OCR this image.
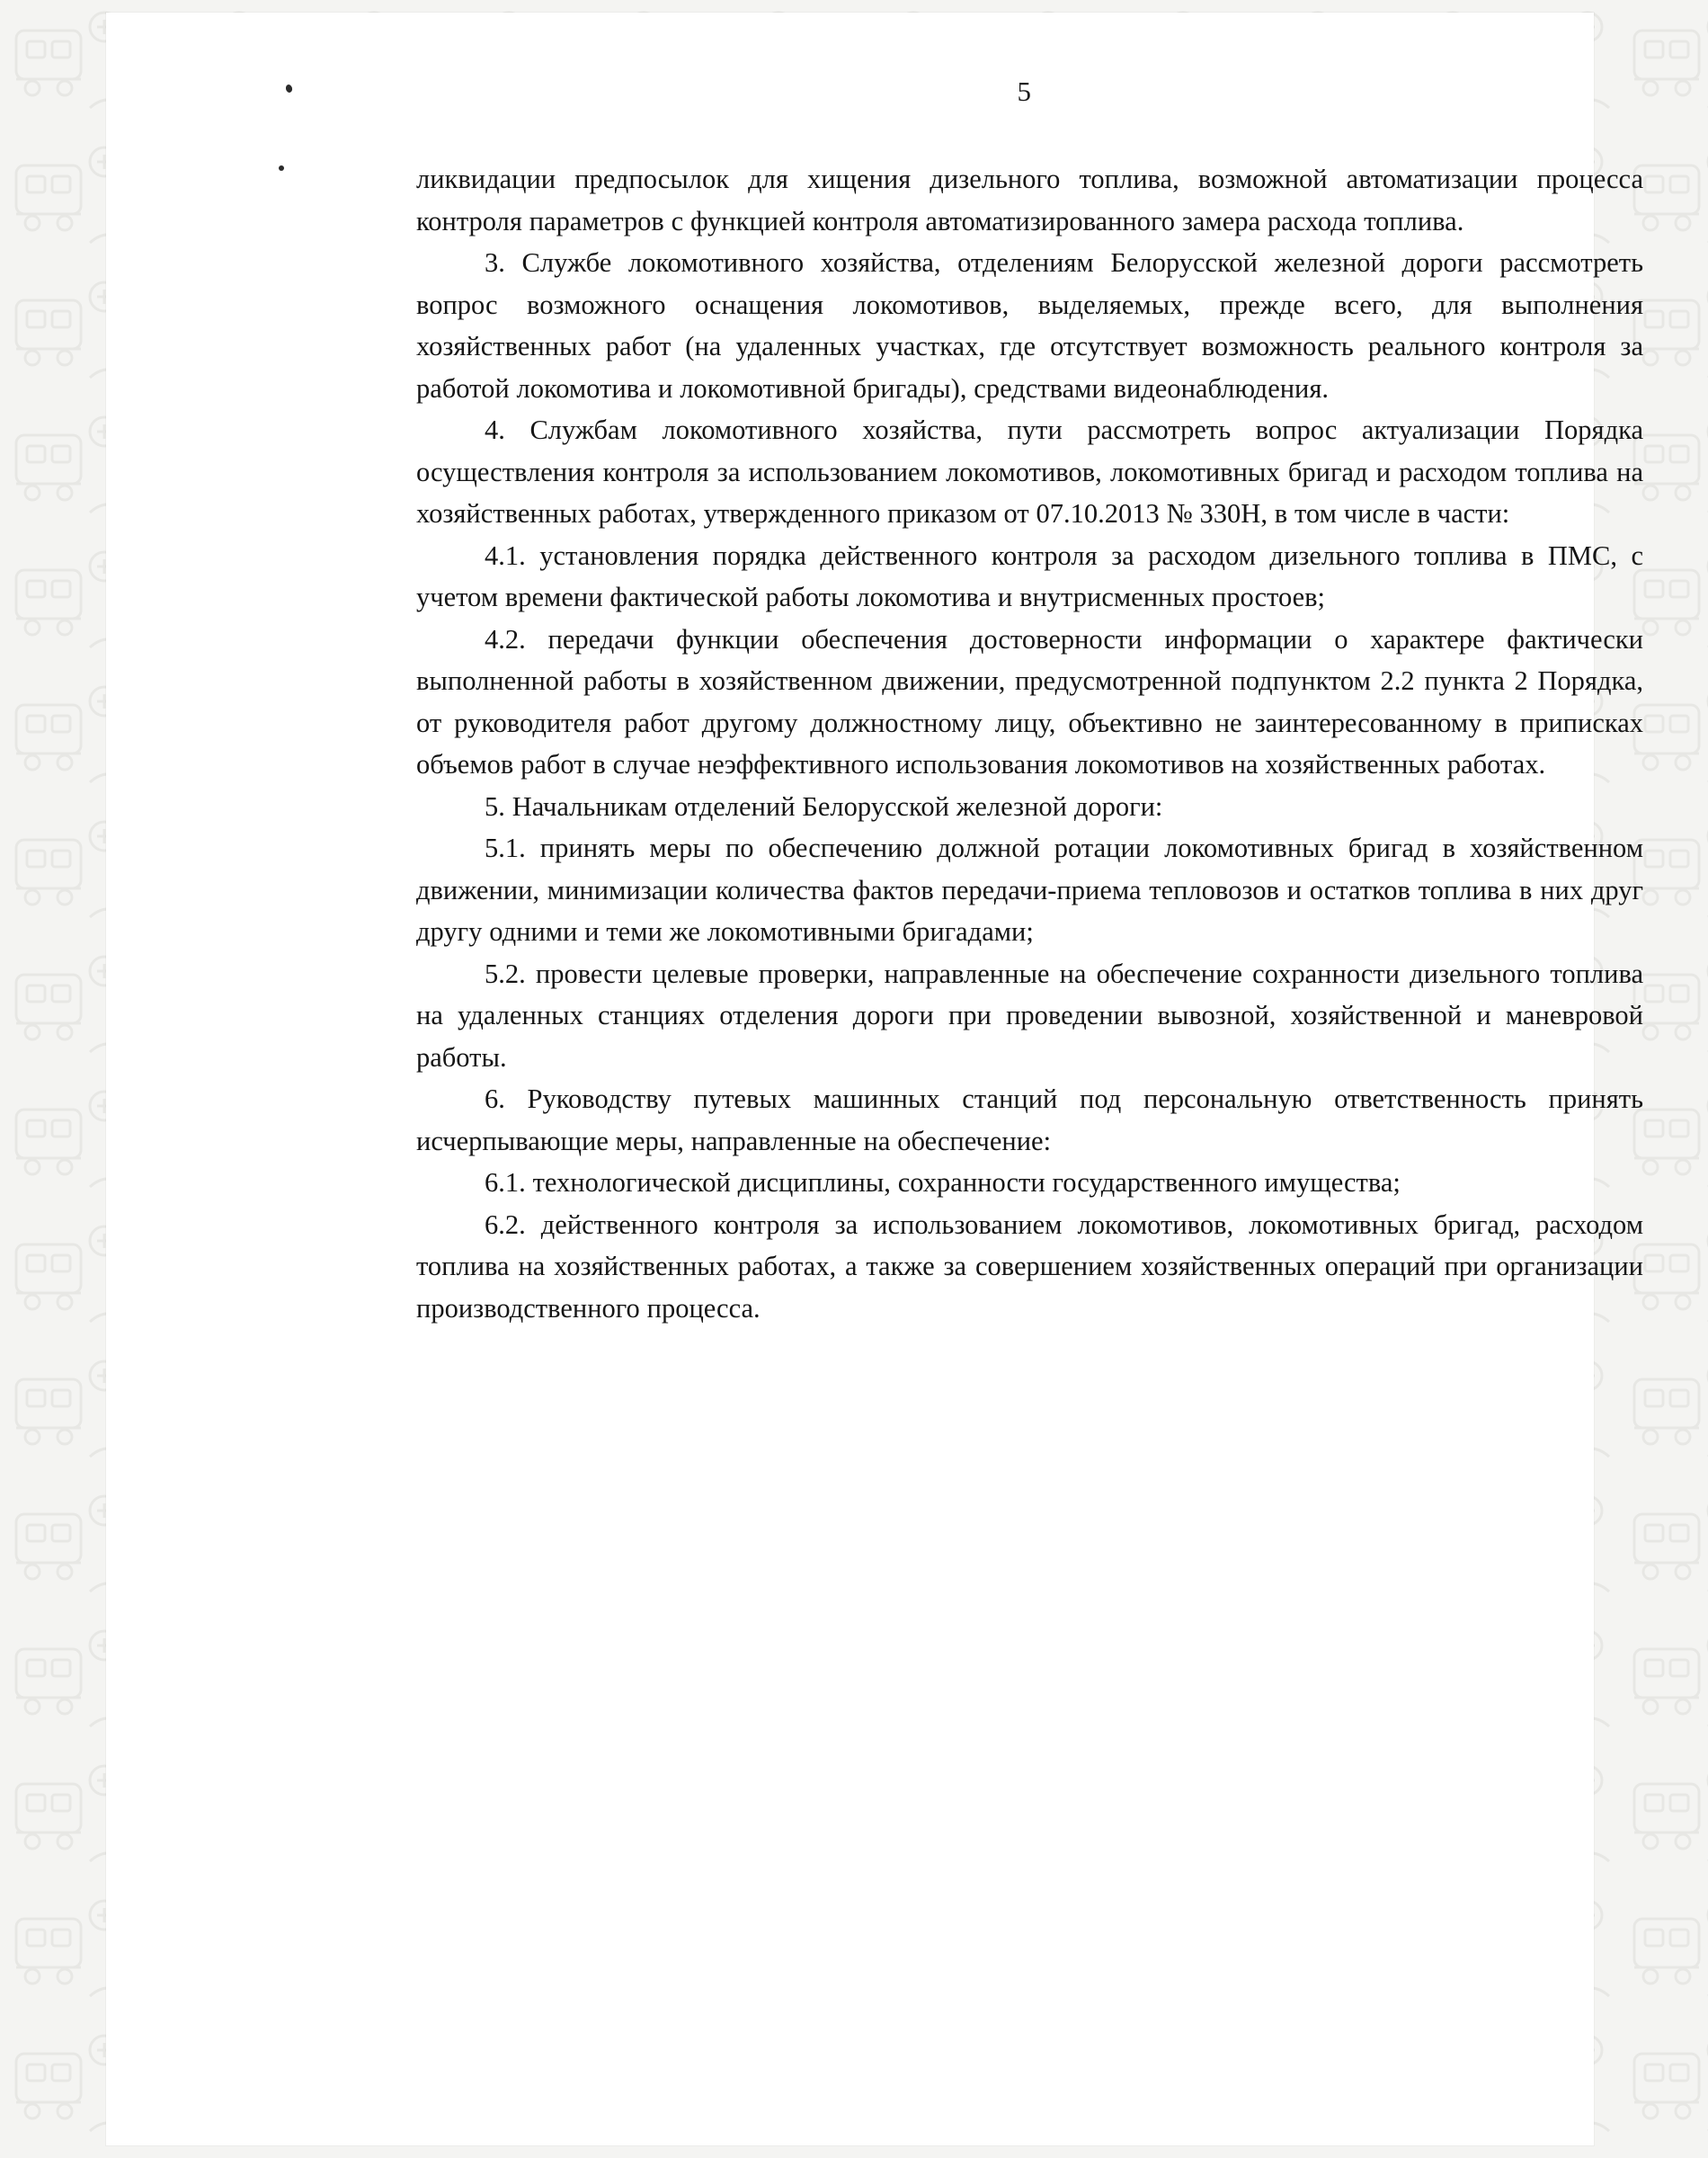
5

ликвидации предпосылок для хищения дизельного топлива, возможной автоматизации процесса контроля параметров с функцией контроля автоматизированного замера расхода топлива.

3. Службе локомотивного хозяйства, отделениям Белорусской железной дороги рассмотреть вопрос возможного оснащения локомотивов, выделяемых, прежде всего, для выполнения хозяйственных работ (на удаленных участках, где отсутствует возможность реального контроля за работой локомотива и локомотивной бригады), средствами видеонаблюдения.

4. Службам локомотивного хозяйства, пути рассмотреть вопрос актуализации Порядка осуществления контроля за использованием локомотивов, локомотивных бригад и расходом топлива на хозяйственных работах, утвержденного приказом от 07.10.2013 № 330Н, в том числе в части:

4.1. установления порядка действенного контроля за расходом дизельного топлива в ПМС, с учетом времени фактической работы локомотива и внутрисменных простоев;

4.2. передачи функции обеспечения достоверности информации о характере фактически выполненной работы в хозяйственном движении, предусмотренной подпунктом 2.2 пункта 2 Порядка, от руководителя работ другому должностному лицу, объективно не заинтересованному в приписках объемов работ в случае неэффективного использования локомотивов на хозяйственных работах.

5. Начальникам отделений Белорусской железной дороги:

5.1. принять меры по обеспечению должной ротации локомотивных бригад в хозяйственном движении, минимизации количества фактов передачи-приема тепловозов и остатков топлива в них друг другу одними и теми же локомотивными бригадами;

5.2. провести целевые проверки, направленные на обеспечение сохранности дизельного топлива на удаленных станциях отделения дороги при проведении вывозной, хозяйственной и маневровой работы.

6. Руководству путевых машинных станций под персональную ответственность принять исчерпывающие меры, направленные на обеспечение:

6.1. технологической дисциплины, сохранности государственного имущества;

6.2. действенного контроля за использованием локомотивов, локомотивных бригад, расходом топлива на хозяйственных работах, а также за совершением хозяйственных операций при организации производственного процесса.
